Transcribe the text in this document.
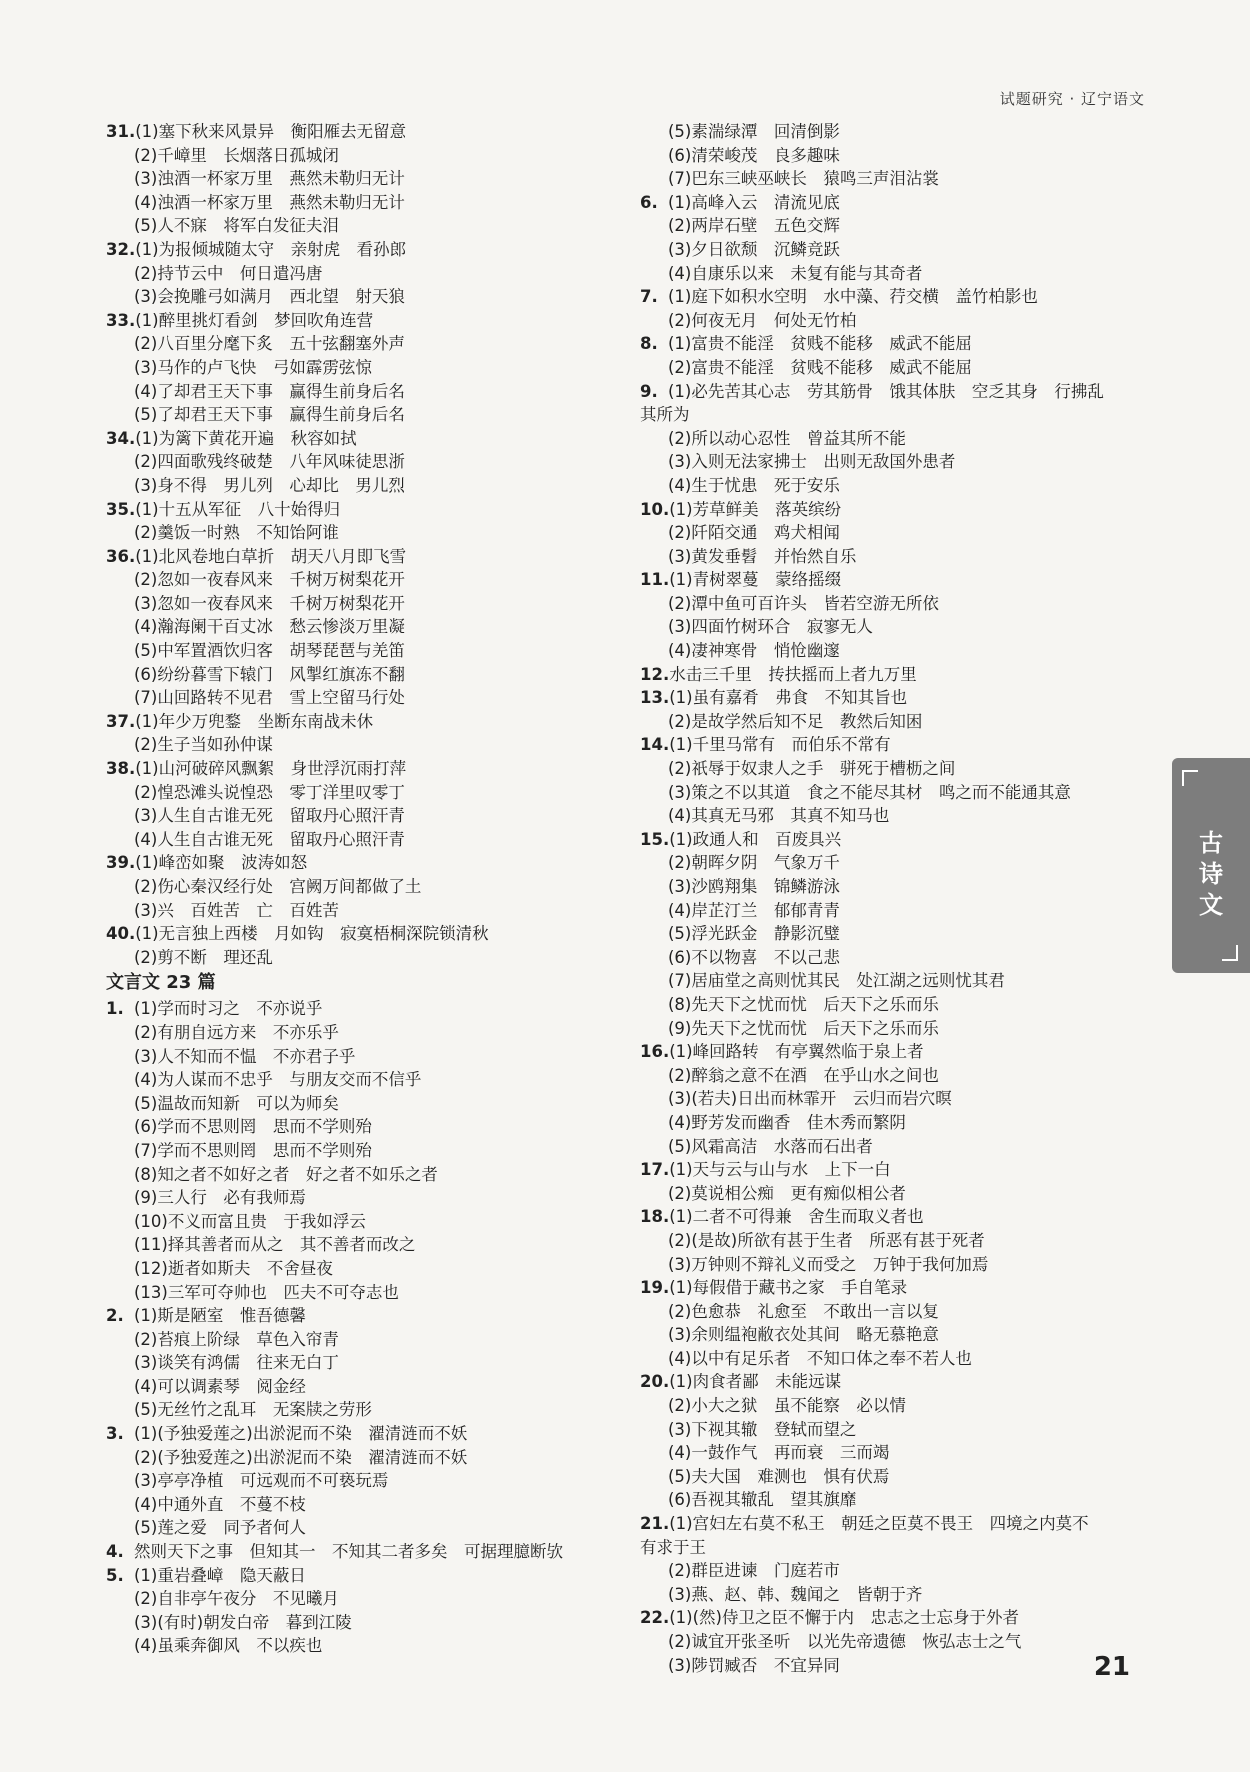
试题研究 · 辽宁语文
31.(1)塞下秋来风景异　衡阳雁去无留意
(2)千嶂里　长烟落日孤城闭
(3)浊酒一杯家万里　燕然未勒归无计
(4)浊酒一杯家万里　燕然未勒归无计
(5)人不寐　将军白发征夫泪
32.(1)为报倾城随太守　亲射虎　看孙郎
(2)持节云中　何日遣冯唐
(3)会挽雕弓如满月　西北望　射天狼
33.(1)醉里挑灯看剑　梦回吹角连营
(2)八百里分麾下炙　五十弦翻塞外声
(3)马作的卢飞快　弓如霹雳弦惊
(4)了却君王天下事　赢得生前身后名
(5)了却君王天下事　赢得生前身后名
34.(1)为篱下黄花开遍　秋容如拭
(2)四面歌残终破楚　八年风味徒思浙
(3)身不得　男儿列　心却比　男儿烈
35.(1)十五从军征　八十始得归
(2)羹饭一时熟　不知饴阿谁
36.(1)北风卷地白草折　胡天八月即飞雪
(2)忽如一夜春风来　千树万树梨花开
(3)忽如一夜春风来　千树万树梨花开
(4)瀚海阑干百丈冰　愁云惨淡万里凝
(5)中军置酒饮归客　胡琴琵琶与羌笛
(6)纷纷暮雪下辕门　风掣红旗冻不翻
(7)山回路转不见君　雪上空留马行处
37.(1)年少万兜鍪　坐断东南战未休
(2)生子当如孙仲谋
38.(1)山河破碎风飘絮　身世浮沉雨打萍
(2)惶恐滩头说惶恐　零丁洋里叹零丁
(3)人生自古谁无死　留取丹心照汗青
(4)人生自古谁无死　留取丹心照汗青
39.(1)峰峦如聚　波涛如怒
(2)伤心秦汉经行处　宫阙万间都做了土
(3)兴　百姓苦　亡　百姓苦
40.(1)无言独上西楼　月如钩　寂寞梧桐深院锁清秋
(2)剪不断　理还乱
文言文 23 篇
1. (1)学而时习之　不亦说乎
(2)有朋自远方来　不亦乐乎
(3)人不知而不愠　不亦君子乎
(4)为人谋而不忠乎　与朋友交而不信乎
(5)温故而知新　可以为师矣
(6)学而不思则罔　思而不学则殆
(7)学而不思则罔　思而不学则殆
(8)知之者不如好之者　好之者不如乐之者
(9)三人行　必有我师焉
(10)不义而富且贵　于我如浮云
(11)择其善者而从之　其不善者而改之
(12)逝者如斯夫　不舍昼夜
(13)三军可夺帅也　匹夫不可夺志也
2. (1)斯是陋室　惟吾德馨
(2)苔痕上阶绿　草色入帘青
(3)谈笑有鸿儒　往来无白丁
(4)可以调素琴　阅金经
(5)无丝竹之乱耳　无案牍之劳形
3. (1)(予独爱莲之)出淤泥而不染　濯清涟而不妖
(2)(予独爱莲之)出淤泥而不染　濯清涟而不妖
(3)亭亭净植　可远观而不可亵玩焉
(4)中通外直　不蔓不枝
(5)莲之爱　同予者何人
4. 然则天下之事　但知其一　不知其二者多矣　可据理臆断欤
5. (1)重岩叠嶂　隐天蔽日
(2)自非亭午夜分　不见曦月
(3)(有时)朝发白帝　暮到江陵
(4)虽乘奔御风　不以疾也
(5)素湍绿潭　回清倒影
(6)清荣峻茂　良多趣味
(7)巴东三峡巫峡长　猿鸣三声泪沾裳
6. (1)高峰入云　清流见底
(2)两岸石壁　五色交辉
(3)夕日欲颓　沉鳞竞跃
(4)自康乐以来　未复有能与其奇者
7. (1)庭下如积水空明　水中藻、荇交横　盖竹柏影也
(2)何夜无月　何处无竹柏
8. (1)富贵不能淫　贫贱不能移　威武不能屈
(2)富贵不能淫　贫贱不能移　威武不能屈
9. (1)必先苦其心志　劳其筋骨　饿其体肤　空乏其身　行拂乱
其所为
(2)所以动心忍性　曾益其所不能
(3)入则无法家拂士　出则无敌国外患者
(4)生于忧患　死于安乐
10.(1)芳草鲜美　落英缤纷
(2)阡陌交通　鸡犬相闻
(3)黄发垂髫　并怡然自乐
11.(1)青树翠蔓　蒙络摇缀
(2)潭中鱼可百许头　皆若空游无所依
(3)四面竹树环合　寂寥无人
(4)凄神寒骨　悄怆幽邃
12.水击三千里　抟扶摇而上者九万里
13.(1)虽有嘉肴　弗食　不知其旨也
(2)是故学然后知不足　教然后知困
14.(1)千里马常有　而伯乐不常有
(2)祇辱于奴隶人之手　骈死于槽枥之间
(3)策之不以其道　食之不能尽其材　鸣之而不能通其意
(4)其真无马邪　其真不知马也
15.(1)政通人和　百废具兴
(2)朝晖夕阴　气象万千
(3)沙鸥翔集　锦鳞游泳
(4)岸芷汀兰　郁郁青青
(5)浮光跃金　静影沉璧
(6)不以物喜　不以己悲
(7)居庙堂之高则忧其民　处江湖之远则忧其君
(8)先天下之忧而忧　后天下之乐而乐
(9)先天下之忧而忧　后天下之乐而乐
16.(1)峰回路转　有亭翼然临于泉上者
(2)醉翁之意不在酒　在乎山水之间也
(3)(若夫)日出而林霏开　云归而岩穴暝
(4)野芳发而幽香　佳木秀而繁阴
(5)风霜高洁　水落而石出者
17.(1)天与云与山与水　上下一白
(2)莫说相公痴　更有痴似相公者
18.(1)二者不可得兼　舍生而取义者也
(2)(是故)所欲有甚于生者　所恶有甚于死者
(3)万钟则不辩礼义而受之　万钟于我何加焉
19.(1)每假借于藏书之家　手自笔录
(2)色愈恭　礼愈至　不敢出一言以复
(3)余则缊袍敝衣处其间　略无慕艳意
(4)以中有足乐者　不知口体之奉不若人也
20.(1)肉食者鄙　未能远谋
(2)小大之狱　虽不能察　必以情
(3)下视其辙　登轼而望之
(4)一鼓作气　再而衰　三而竭
(5)夫大国　难测也　惧有伏焉
(6)吾视其辙乱　望其旗靡
21.(1)宫妇左右莫不私王　朝廷之臣莫不畏王　四境之内莫不
有求于王
(2)群臣进谏　门庭若市
(3)燕、赵、韩、魏闻之　皆朝于齐
22.(1)(然)侍卫之臣不懈于内　忠志之士忘身于外者
(2)诚宜开张圣听　以光先帝遗德　恢弘志士之气
(3)陟罚臧否　不宜异同
古
诗
文
21
